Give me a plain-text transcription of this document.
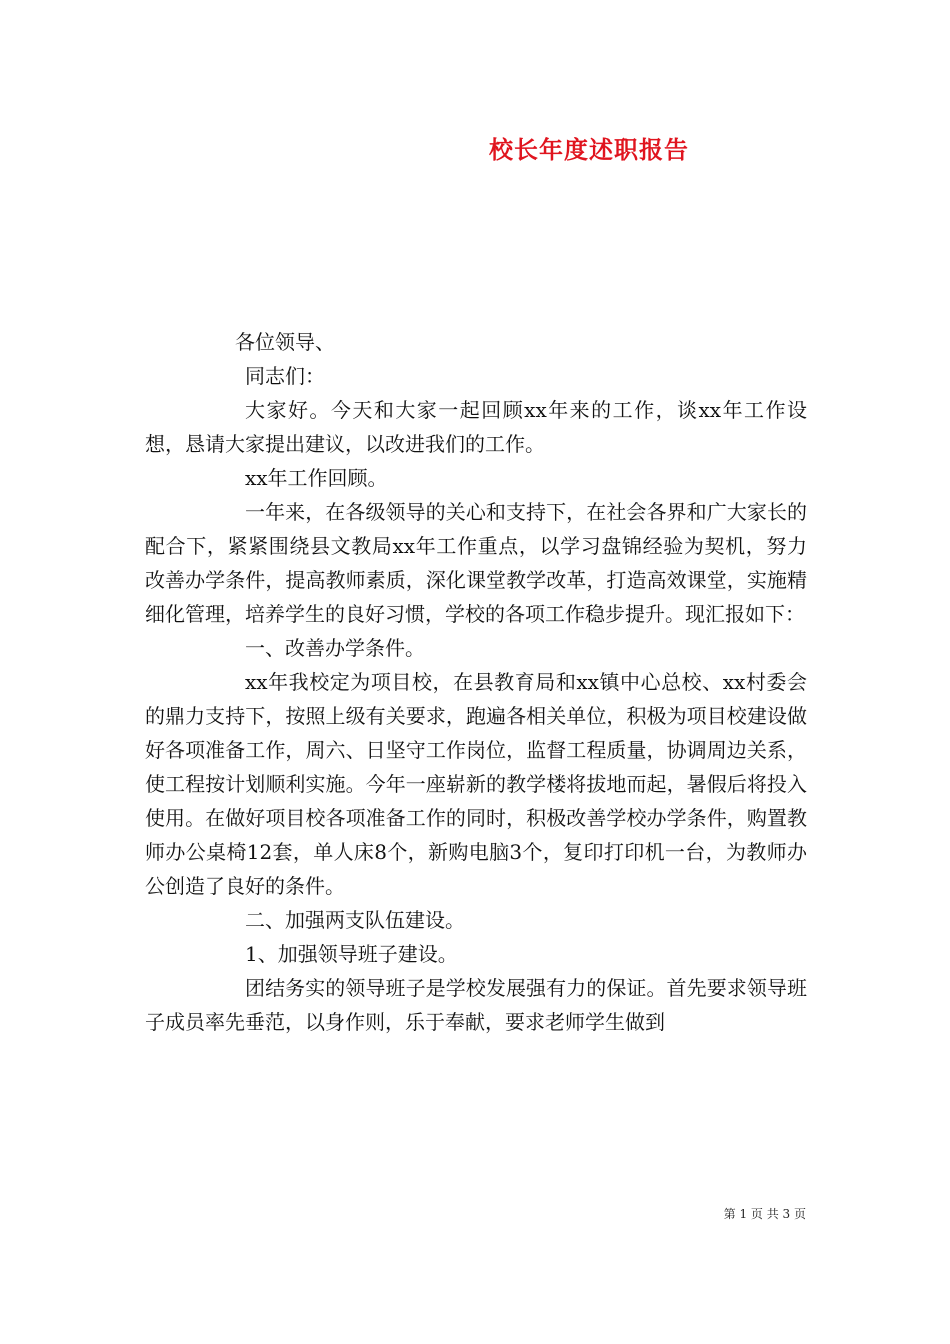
校长年度述职报告

各位领导、

同志们：

大家好。今天和大家一起回顾xx年来的工作，谈xx年工作设想，恳请大家提出建议，以改进我们的工作。

xx年工作回顾。

一年来，在各级领导的关心和支持下，在社会各界和广大家长的配合下，紧紧围绕县文教局xx年工作重点，以学习盘锦经验为契机，努力改善办学条件，提高教师素质，深化课堂教学改革，打造高效课堂，实施精细化管理，培养学生的良好习惯，学校的各项工作稳步提升。现汇报如下：

一、改善办学条件。

xx年我校定为项目校，在县教育局和xx镇中心总校、xx村委会的鼎力支持下，按照上级有关要求，跑遍各相关单位，积极为项目校建设做好各项准备工作，周六、日坚守工作岗位，监督工程质量，协调周边关系，使工程按计划顺利实施。今年一座崭新的教学楼将拔地而起，暑假后将投入使用。在做好项目校各项准备工作的同时，积极改善学校办学条件，购置教师办公桌椅12套，单人床8个，新购电脑3个，复印打印机一台，为教师办公创造了良好的条件。

二、加强两支队伍建设。

1、加强领导班子建设。

团结务实的领导班子是学校发展强有力的保证。首先要求领导班子成员率先垂范，以身作则，乐于奉献，要求老师学生做到

第 1 页 共 3 页
